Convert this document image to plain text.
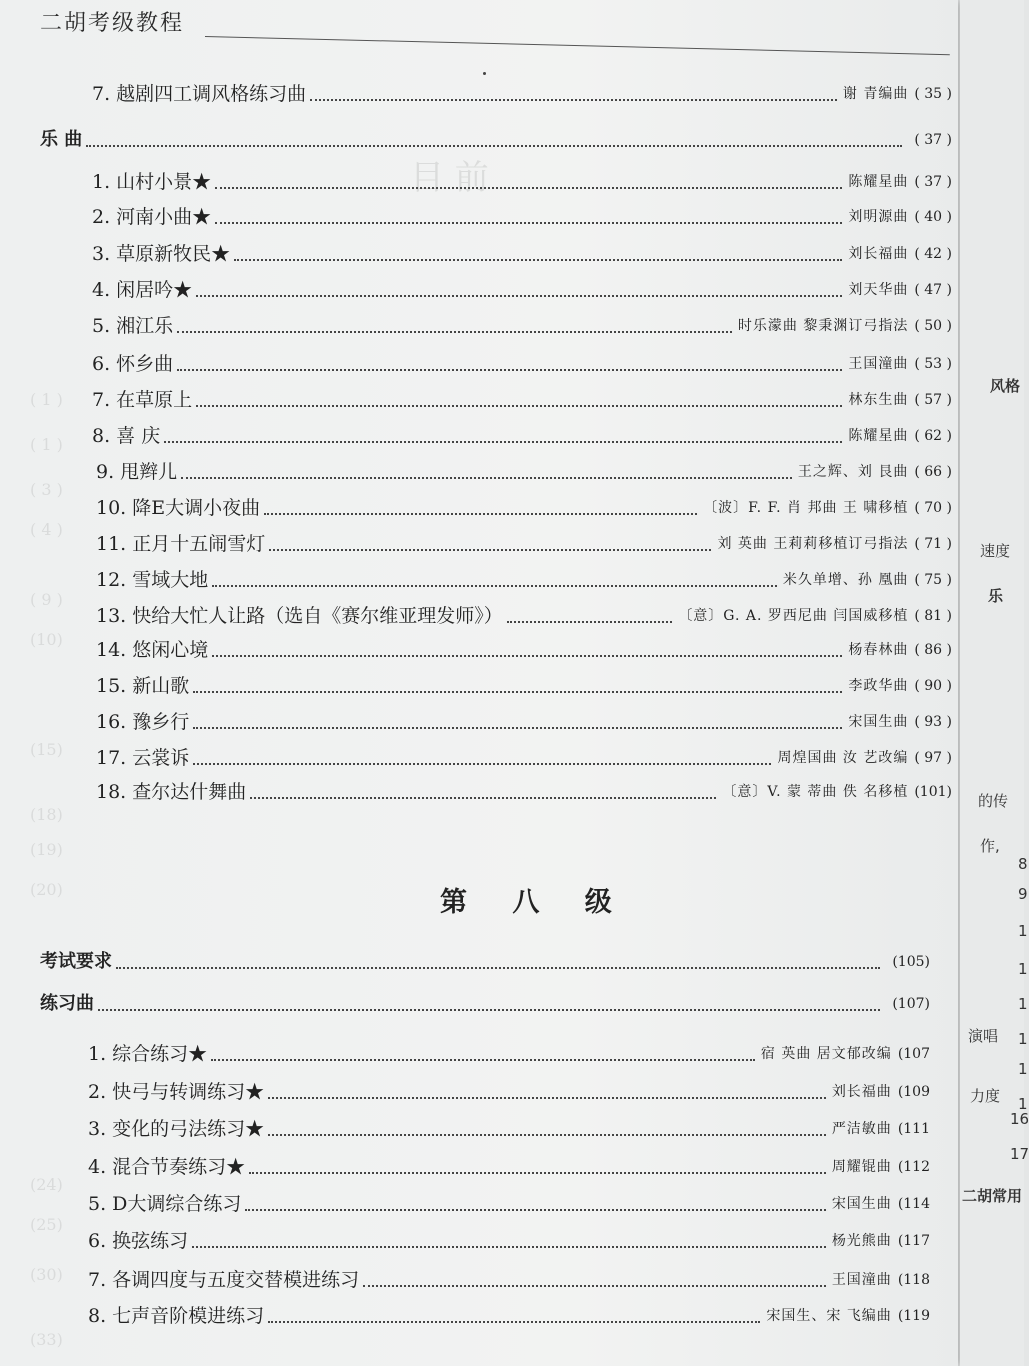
二胡考级教程
目 前
( 1 )
( 1 )
( 3 )
( 4 )
( 9 )
(10)
(15)
(18)
(19)
(20)
(24)
(25)
(30)
(33)
7. 越剧四工调风格练习曲	谢 青编曲 ( 35 )
乐 曲	( 37 )
1. 山村小景★	陈耀星曲 ( 37 )
2. 河南小曲★	刘明源曲 ( 40 )
3. 草原新牧民★	刘长福曲 ( 42 )
4. 闲居吟★	刘天华曲 ( 47 )
5. 湘江乐	时乐濛曲 黎秉渊订弓指法 ( 50 )
6. 怀乡曲	王国潼曲 ( 53 )
7. 在草原上	林东生曲 ( 57 )
8. 喜 庆	陈耀星曲 ( 62 )
9. 甩辫儿	王之辉、刘 艮曲 ( 66 )
10. 降E大调小夜曲	〔波〕F. F. 肖 邦曲 王 啸移植 ( 70 )
11. 正月十五闹雪灯	刘 英曲 王莉莉移植订弓指法 ( 71 )
12. 雪域大地	米久单增、孙 凰曲 ( 75 )
13. 快给大忙人让路（选自《赛尔维亚理发师》）	〔意〕G. A. 罗西尼曲 闫国威移植 ( 81 )
14. 悠闲心境	杨春林曲 ( 86 )
15. 新山歌	李政华曲 ( 90 )
16. 豫乡行	宋国生曲 ( 93 )
17. 云裳诉	周煌国曲 汝 艺改编 ( 97 )
18. 查尔达什舞曲	〔意〕V. 蒙 蒂曲 佚 名移植 (101)
第 八 级
考试要求	(105)
练习曲	(107)
1. 综合练习★	宿 英曲 居文郁改编 (107
2. 快弓与转调练习★	刘长福曲 (109
3. 变化的弓法练习★	严洁敏曲 (111
4. 混合节奏练习★	周耀锟曲 (112
5. D大调综合练习	宋国生曲 (114
6. 换弦练习	杨光熊曲 (117
7. 各调四度与五度交替模进练习	王国潼曲 (118
8. 七声音阶模进练习	宋国生、宋 飞编曲 (119
风格
速度
乐
的传
作,
8
9
1
1
1
1
1
1
16
17
演唱
力度
二胡常用
